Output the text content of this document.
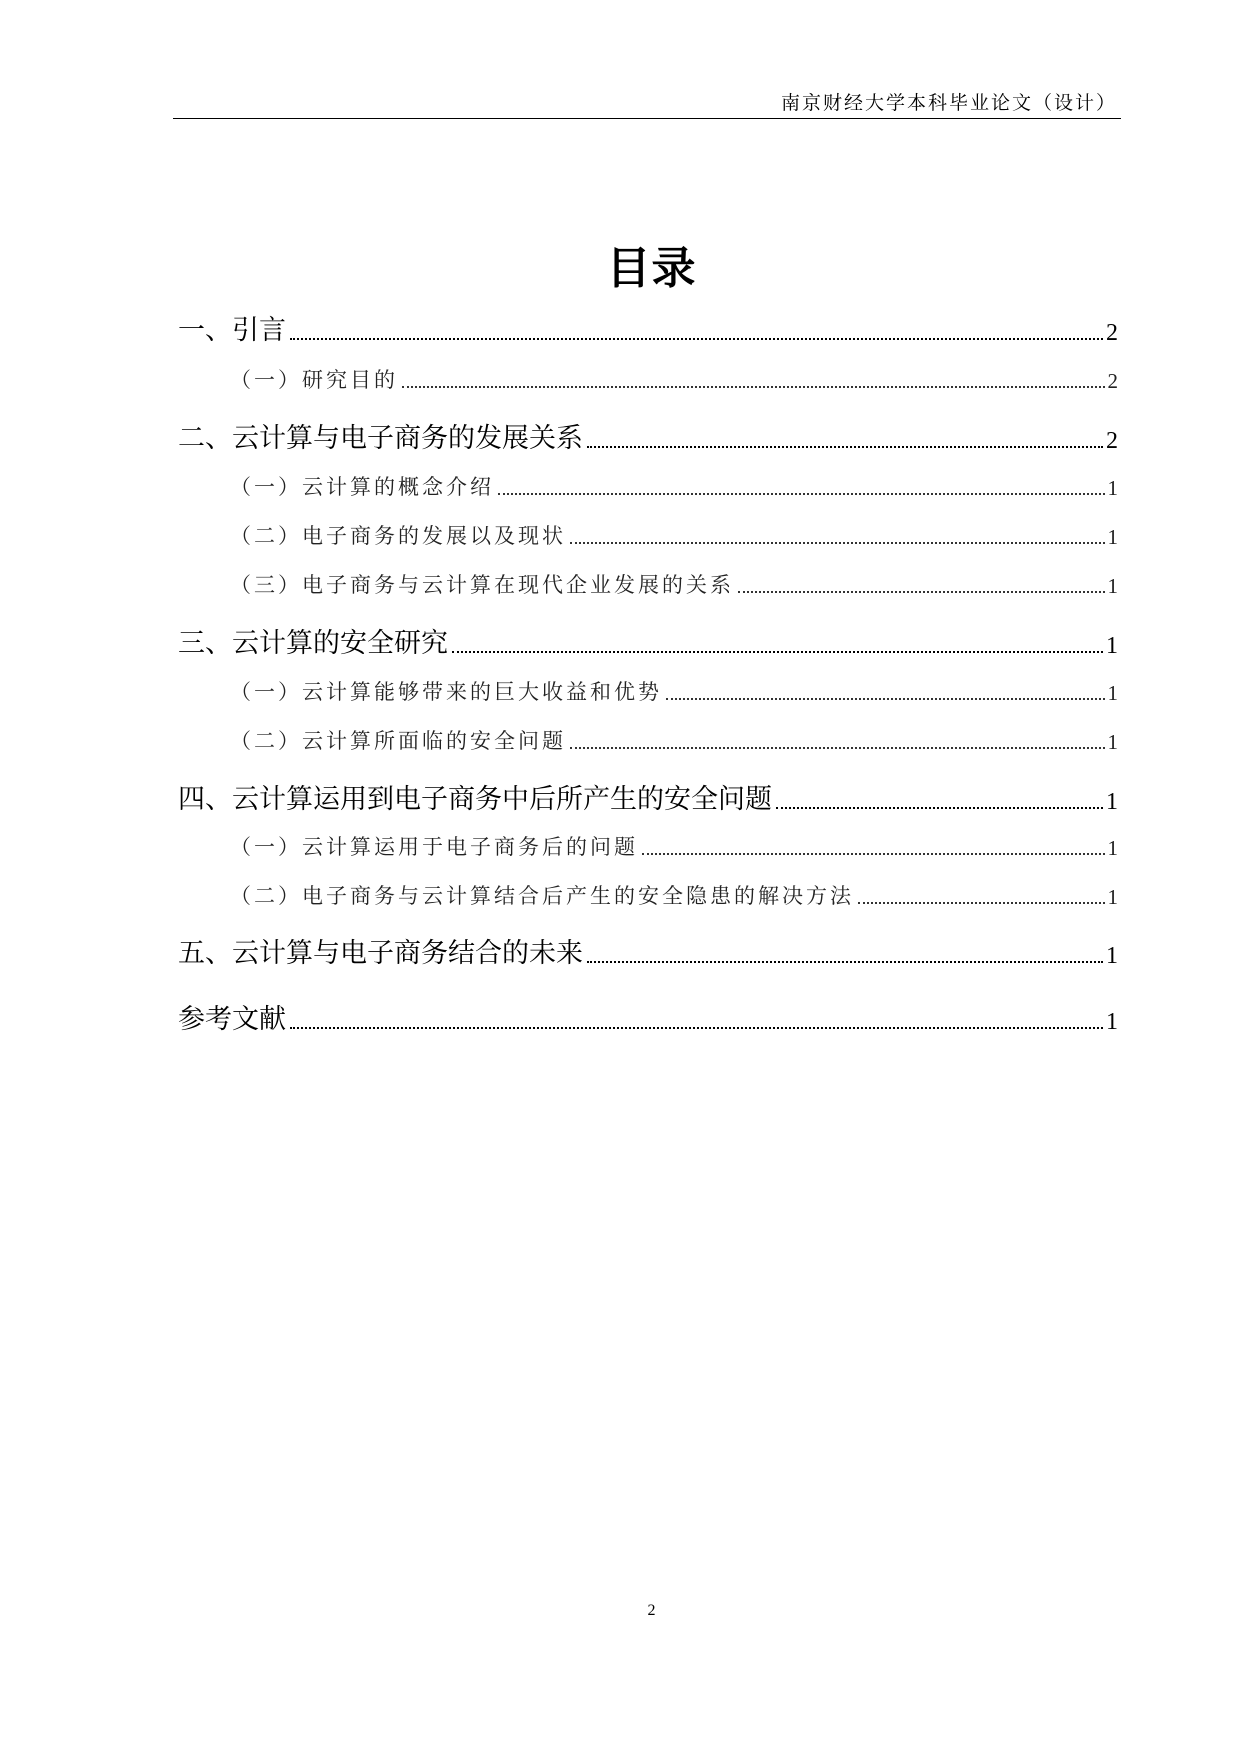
南京财经大学本科毕业论文（设计）
目录
一、引言	2
（一）研究目的	2
二、云计算与电子商务的发展关系	2
（一）云计算的概念介绍	1
（二）电子商务的发展以及现状	1
（三）电子商务与云计算在现代企业发展的关系	1
三、云计算的安全研究	1
（一）云计算能够带来的巨大收益和优势	1
（二）云计算所面临的安全问题	1
四、云计算运用到电子商务中后所产生的安全问题	1
（一）云计算运用于电子商务后的问题	1
（二）电子商务与云计算结合后产生的安全隐患的解决方法	1
五、云计算与电子商务结合的未来	1
参考文献	1
2
